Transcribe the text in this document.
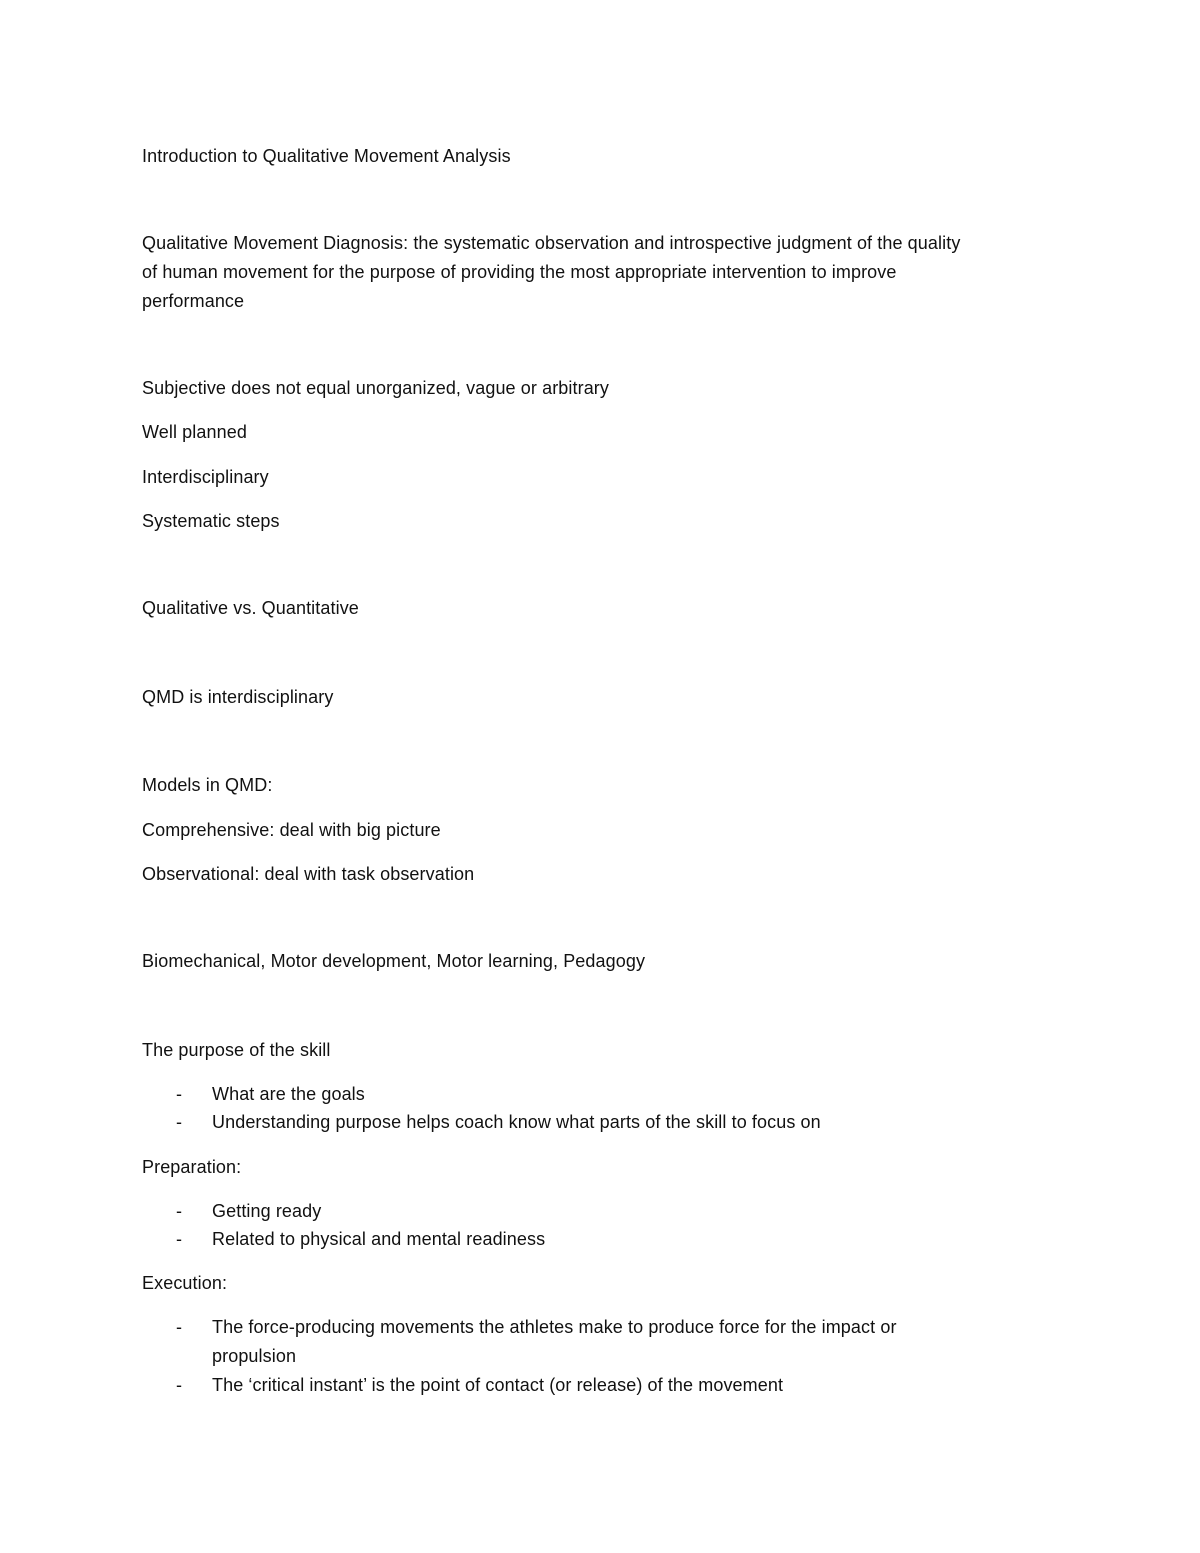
Introduction to Qualitative Movement Analysis
Qualitative Movement Diagnosis: the systematic observation and introspective judgment of the quality
of human movement for the purpose of providing the most appropriate intervention to improve
performance
Subjective does not equal unorganized, vague or arbitrary
Well planned
Interdisciplinary
Systematic steps
Qualitative vs. Quantitative
QMD is interdisciplinary
Models in QMD:
Comprehensive: deal with big picture
Observational: deal with task observation
Biomechanical, Motor development, Motor learning, Pedagogy
The purpose of the skill
- What are the goals
- Understanding purpose helps coach know what parts of the skill to focus on
Preparation:
- Getting ready
- Related to physical and mental readiness
Execution:
- The force-producing movements the athletes make to produce force for the impact or
propulsion
- The ‘critical instant’ is the point of contact (or release) of the movement
